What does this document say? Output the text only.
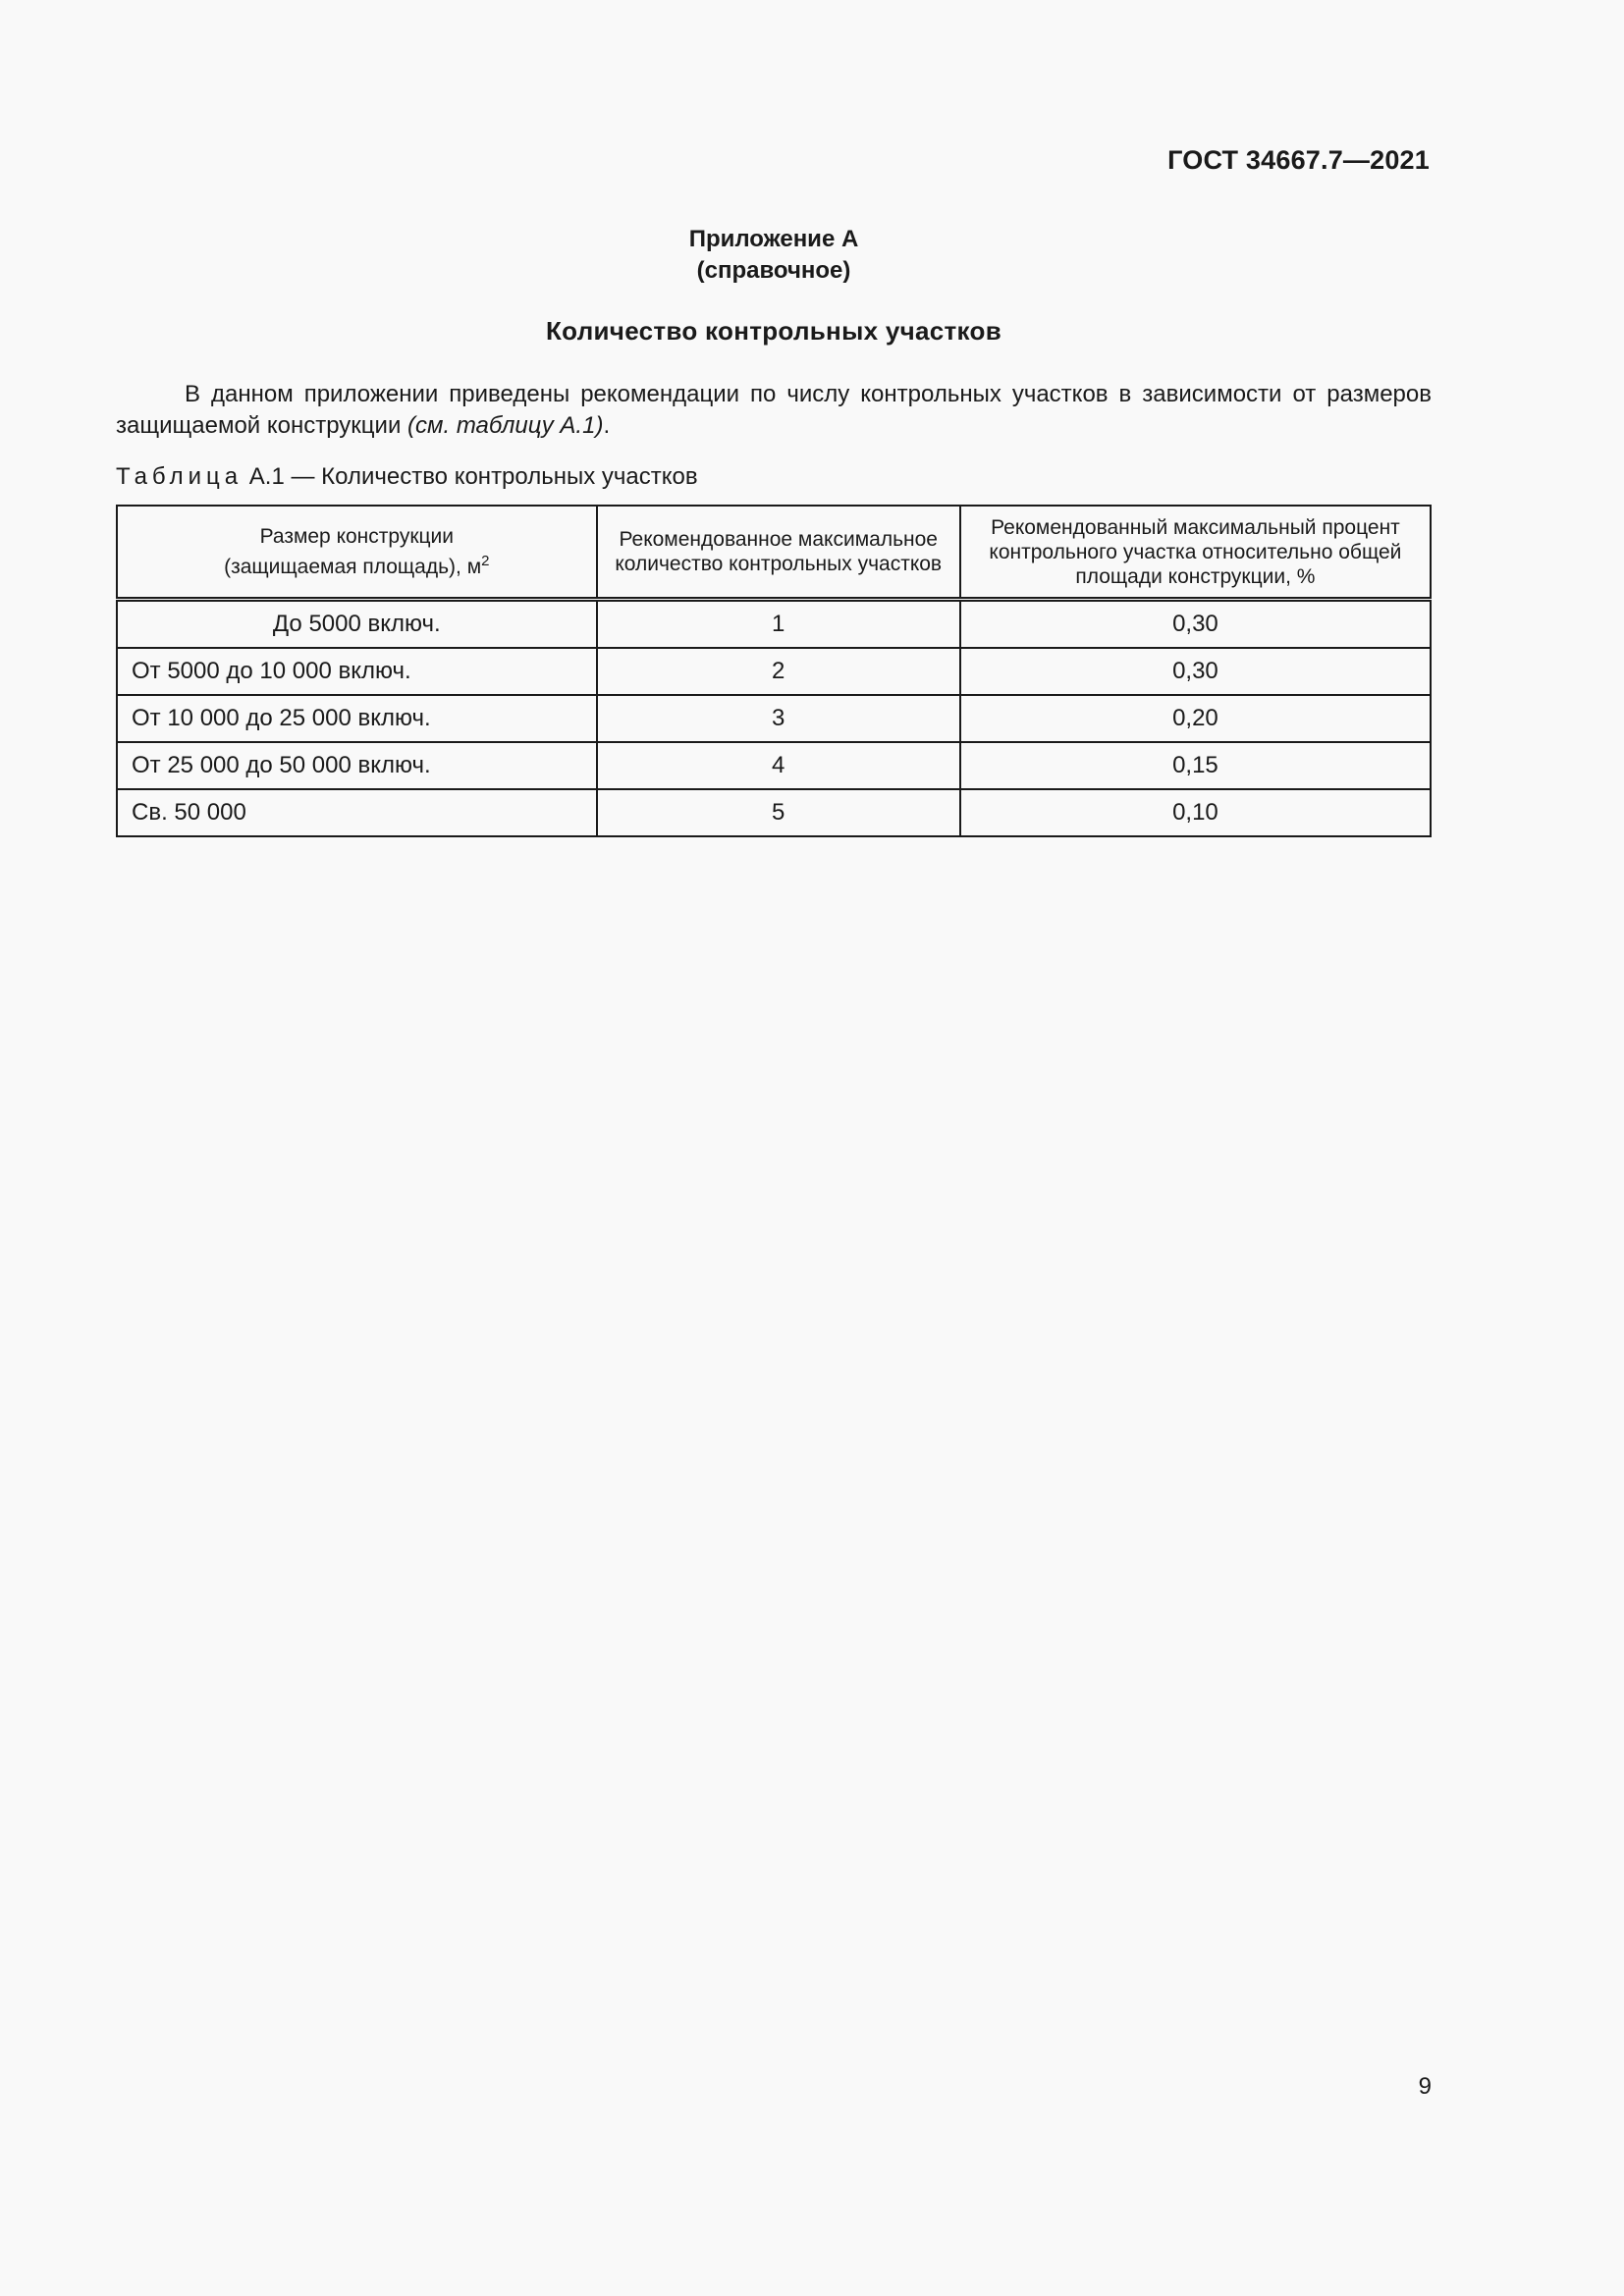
ГОСТ 34667.7—2021
Приложение А
(справочное)
Количество контрольных участков
В данном приложении приведены рекомендации по числу контрольных участков в зависимости от размеров защищаемой конструкции (см. таблицу А.1).
Таблица А.1 — Количество контрольных участков
Размер конструкции
(защищаемая площадь), $м^2$	Рекомендованное максимальное количество контрольных участков	Рекомендованный максимальный процент контрольного участка относительно общей площади конструкции, %
До 5000 включ.	1	0,30
От 5000 до 10 000 включ.	2	0,30
От 10 000 до 25 000 включ.	3	0,20
От 25 000 до 50 000 включ.	4	0,15
Св. 50 000	5	0,10
9
